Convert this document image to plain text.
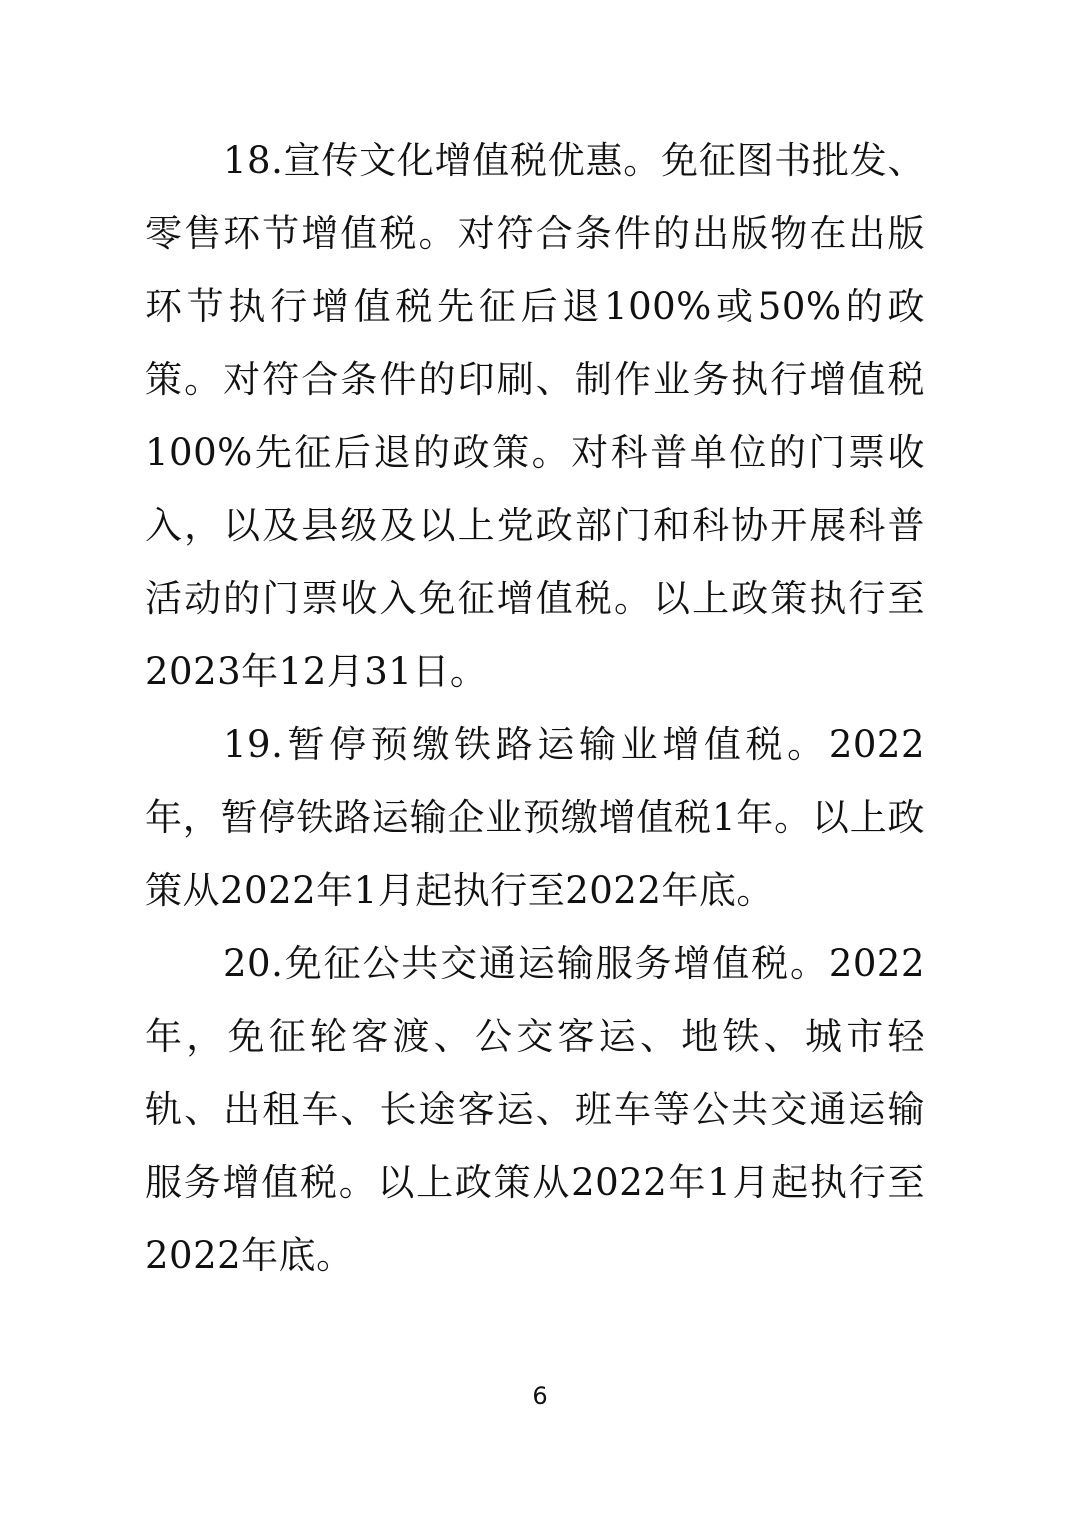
18.宣传文化增值税优惠。免征图书批发、零售环节增值税。对符合条件的出版物在出版环节执行增值税先征后退100%或50%的政策。对符合条件的印刷、制作业务执行增值税100%先征后退的政策。对科普单位的门票收入，以及县级及以上党政部门和科协开展科普活动的门票收入免征增值税。以上政策执行至2023年12月31日。

19.暂停预缴铁路运输业增值税。2022年，暂停铁路运输企业预缴增值税1年。以上政策从2022年1月起执行至2022年底。

20.免征公共交通运输服务增值税。2022年，免征轮客渡、公交客运、地铁、城市轻轨、出租车、长途客运、班车等公共交通运输服务增值税。以上政策从2022年1月起执行至2022年底。

6
